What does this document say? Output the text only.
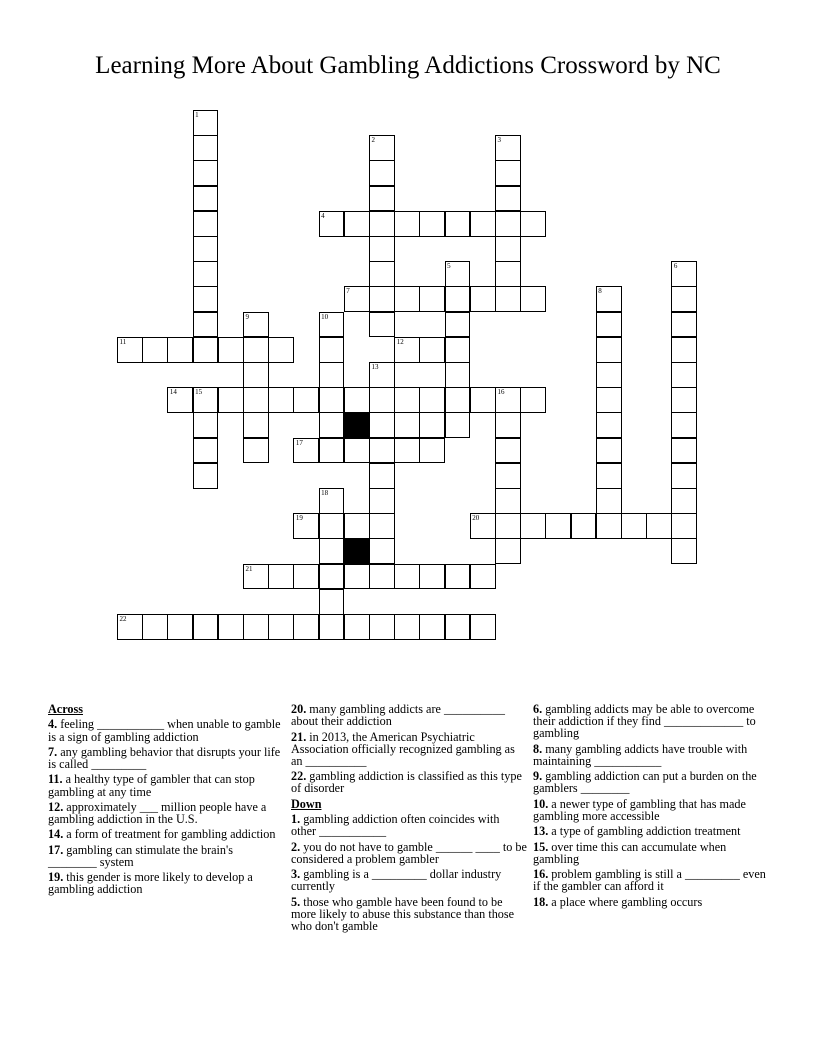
Learning More About Gambling Addictions Crossword by NC
1
2	3
4
5	6
7	8
9	10
11	12
13
14	15	16
17
18
19	20
21
22
Across
4. feeling ___________ when unable to gamble is a sign of gambling addiction
7. any gambling behavior that disrupts your life is called _________
11. a healthy type of gambler that can stop gambling at any time
12. approximately ___ million people have a gambling addiction in the U.S.
14. a form of treatment for gambling addiction
17. gambling can stimulate the brain's ________ system
19. this gender is more likely to develop a gambling addiction
20. many gambling addicts are __________ about their addiction
21. in 2013, the American Psychiatric Association officially recognized gambling as an __________
22. gambling addiction is classified as this type of disorder
Down
1. gambling addiction often coincides with other ___________
2. you do not have to gamble ______ ____ to be considered a problem gambler
3. gambling is a _________ dollar industry currently
5. those who gamble have been found to be more likely to abuse this substance than those who don't gamble
6. gambling addicts may be able to overcome their addiction if they find _____________ to gambling
8. many gambling addicts have trouble with maintaining ___________
9. gambling addiction can put a burden on the gamblers ________
10. a newer type of gambling that has made gambling more accessible
13. a type of gambling addiction treatment
15. over time this can accumulate when gambling
16. problem gambling is still a _________ even if the gambler can afford it
18. a place where gambling occurs
